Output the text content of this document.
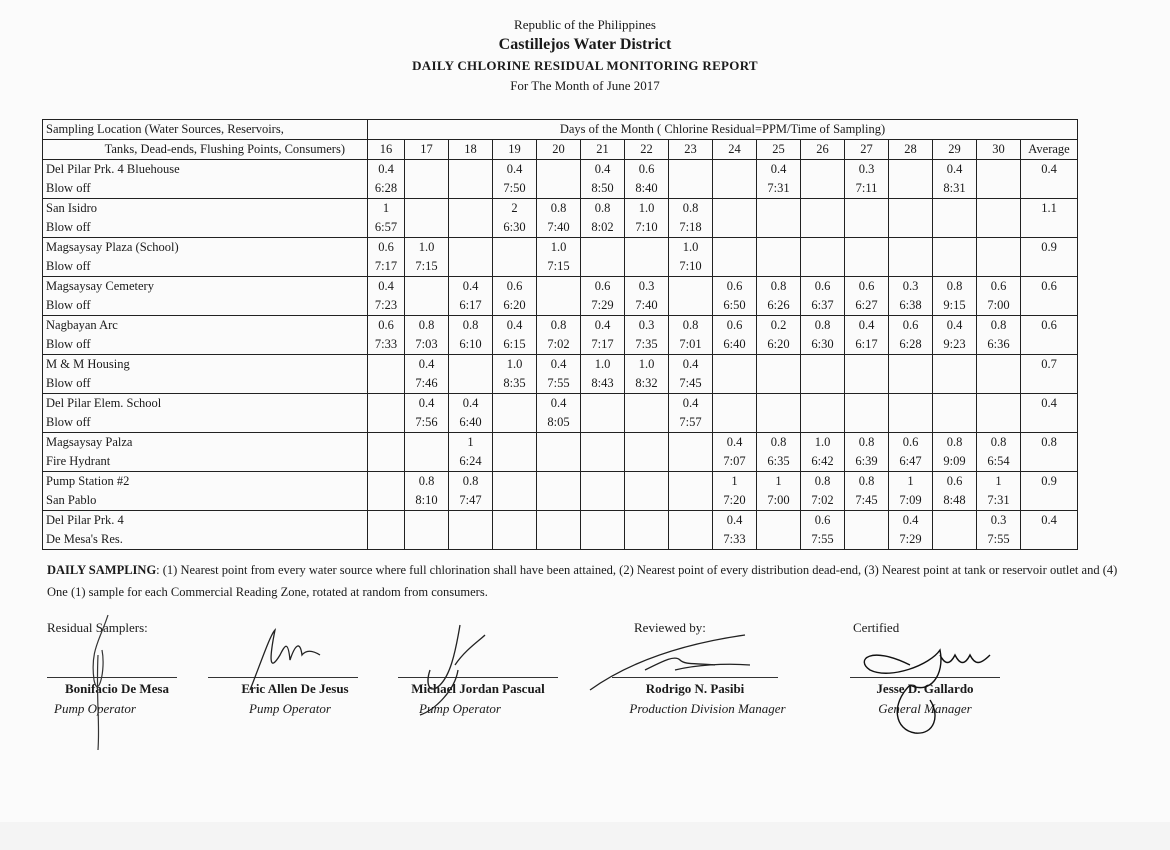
Republic of the Philippines
Castillejos Water District
DAILY CHLORINE RESIDUAL MONITORING REPORT
For The Month of June 2017
Sampling Location (Water Sources, Reservoirs,	Days of the Month ( Chlorine Residual=PPM/Time of Sampling)															
Tanks, Dead-ends, Flushing Points, Consumers)	16	17	18	19	20	21	22	23	24	25	26	27	28	29	30	Average
Del Pilar Prk. 4 Bluehouse	0.4			0.4		0.4	0.6			0.4		0.3		0.4		0.4
Blow off	6:28			7:50		8:50	8:40			7:31		7:11		8:31		
San Isidro	1			2	0.8	0.8	1.0	0.8								1.1
Blow off	6:57			6:30	7:40	8:02	7:10	7:18								
Magsaysay Plaza (School)	0.6	1.0			1.0			1.0								0.9
Blow off	7:17	7:15			7:15			7:10								
Magsaysay Cemetery	0.4		0.4	0.6		0.6	0.3		0.6	0.8	0.6	0.6	0.3	0.8	0.6	0.6
Blow off	7:23		6:17	6:20		7:29	7:40		6:50	6:26	6:37	6:27	6:38	9:15	7:00	
Nagbayan Arc	0.6	0.8	0.8	0.4	0.8	0.4	0.3	0.8	0.6	0.2	0.8	0.4	0.6	0.4	0.8	0.6
Blow off	7:33	7:03	6:10	6:15	7:02	7:17	7:35	7:01	6:40	6:20	6:30	6:17	6:28	9:23	6:36	
M & M Housing		0.4		1.0	0.4	1.0	1.0	0.4								0.7
Blow off		7:46		8:35	7:55	8:43	8:32	7:45								
Del Pilar Elem. School		0.4	0.4		0.4			0.4								0.4
Blow off		7:56	6:40		8:05			7:57								
Magsaysay Palza			1						0.4	0.8	1.0	0.8	0.6	0.8	0.8	0.8
Fire Hydrant			6:24						7:07	6:35	6:42	6:39	6:47	9:09	6:54	
Pump Station #2		0.8	0.8						1	1	0.8	0.8	1	0.6	1	0.9
San Pablo		8:10	7:47						7:20	7:00	7:02	7:45	7:09	8:48	7:31	
Del Pilar Prk. 4									0.4		0.6		0.4		0.3	0.4
De Mesa's Res.									7:33		7:55		7:29		7:55	
DAILY SAMPLING: (1) Nearest point from every water source where full chlorination shall have been attained, (2) Nearest point of every distribution dead-end, (3) Nearest point at tank or reservoir outlet and (4) One (1) sample for each Commercial Reading Zone, rotated at random from consumers.
Residual Samplers:	Reviewed by:	Certified
Bonifacio De Mesa
Pump Operator
Eric Allen De Jesus
Pump Operator
Michael Jordan Pascual
Pump Operator
Rodrigo N. Pasibi
Production Division Manager
Jesse D. Gallardo
General Manager
